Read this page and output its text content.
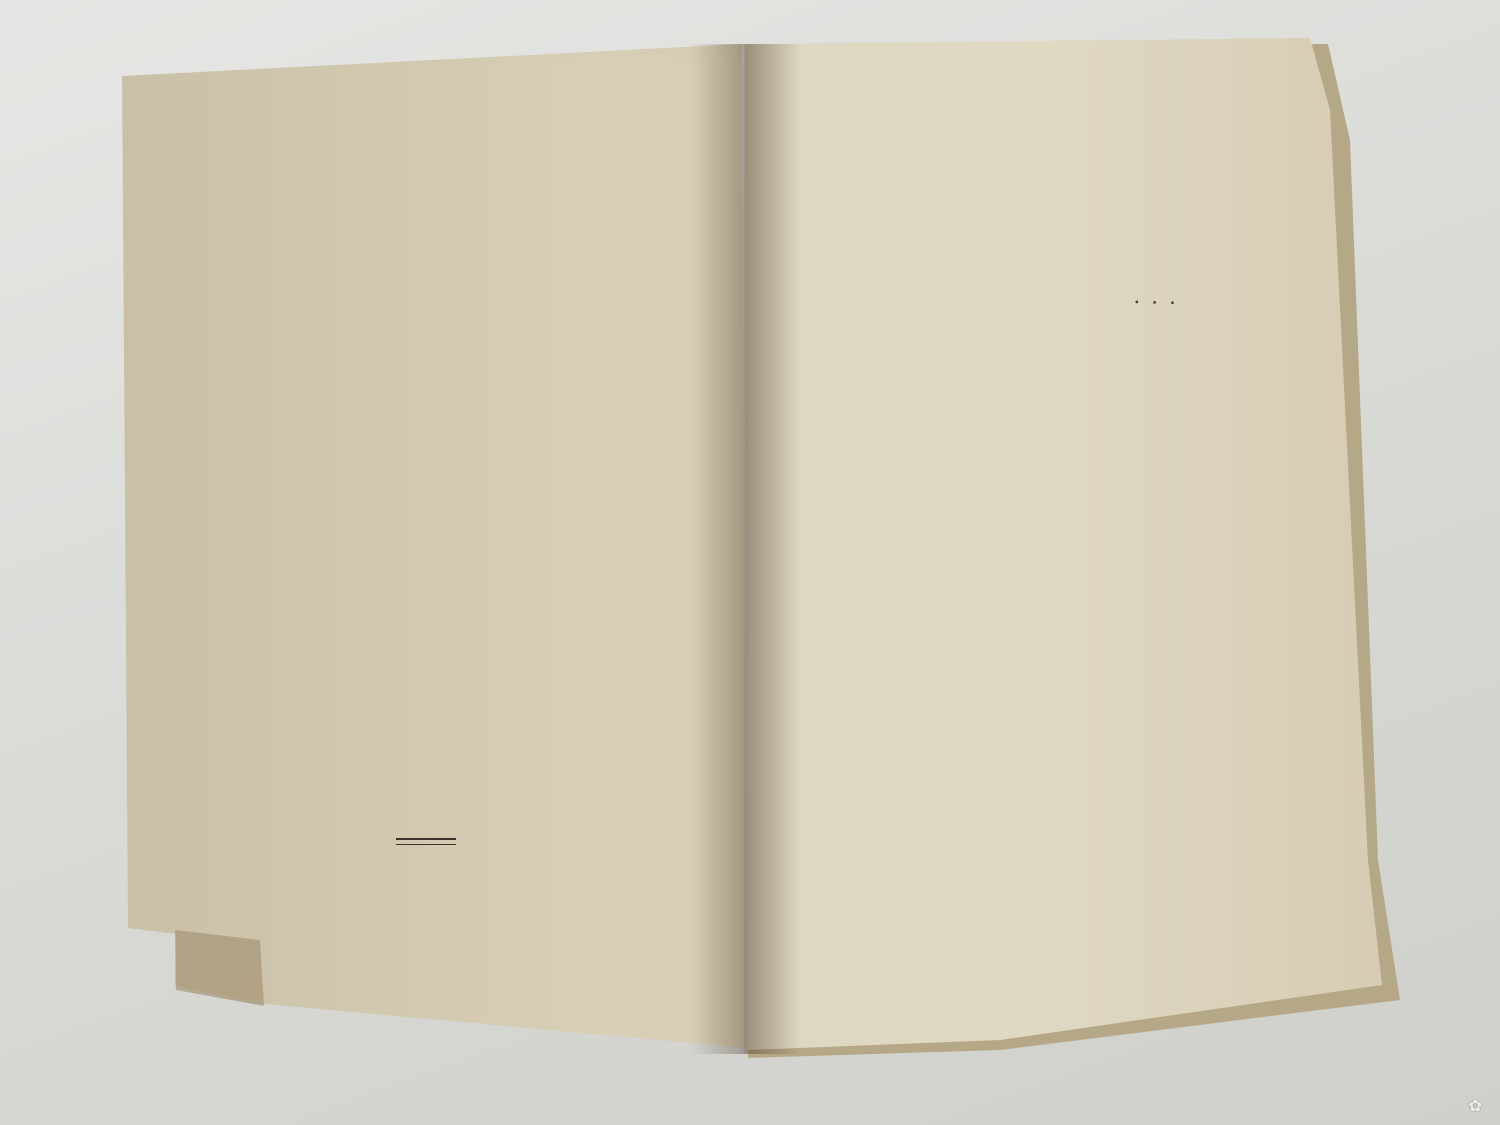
. . .
✿
